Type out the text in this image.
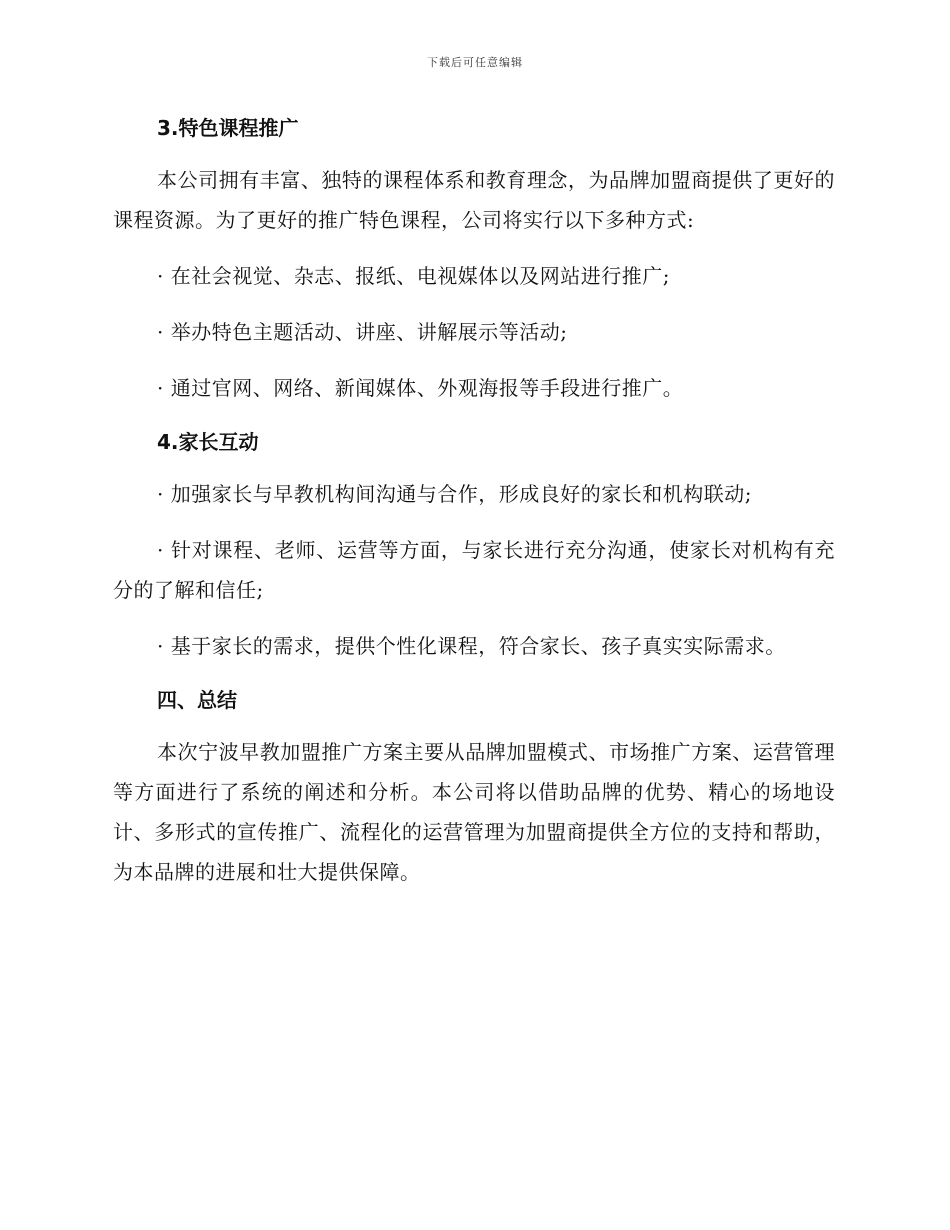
下载后可任意编辑
3.特色课程推广

本公司拥有丰富、独特的课程体系和教育理念，为品牌加盟商提供了更好的课程资源。为了更好的推广特色课程，公司将实行以下多种方式:

· 在社会视觉、杂志、报纸、电视媒体以及网站进行推广;

· 举办特色主题活动、讲座、讲解展示等活动;

· 通过官网、网络、新闻媒体、外观海报等手段进行推广。

4.家长互动

· 加强家长与早教机构间沟通与合作，形成良好的家长和机构联动;

· 针对课程、老师、运营等方面，与家长进行充分沟通，使家长对机构有充分的了解和信任;

· 基于家长的需求，提供个性化课程，符合家长、孩子真实实际需求。

四、总结

本次宁波早教加盟推广方案主要从品牌加盟模式、市场推广方案、运营管理等方面进行了系统的阐述和分析。本公司将以借助品牌的优势、精心的场地设计、多形式的宣传推广、流程化的运营管理为加盟商提供全方位的支持和帮助，为本品牌的进展和壮大提供保障。
